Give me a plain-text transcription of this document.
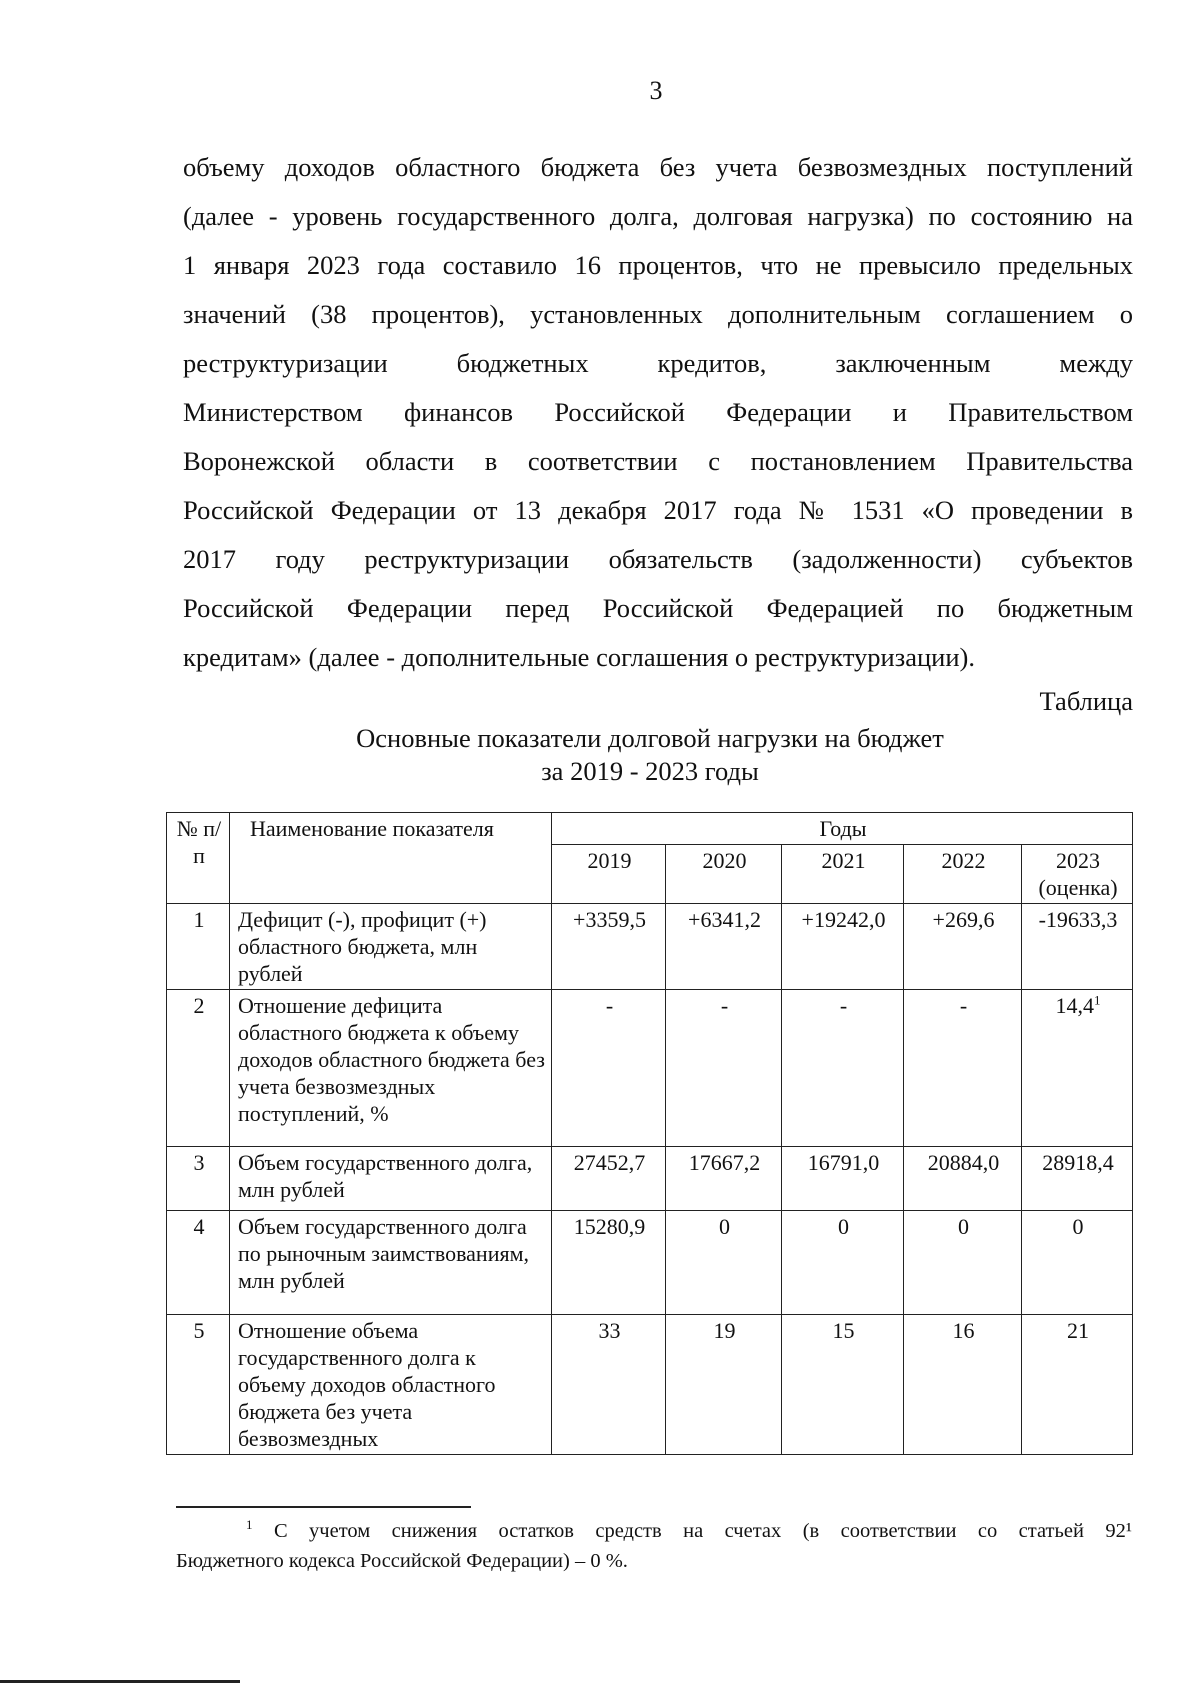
3
объему доходов областного бюджета без учета безвозмездных поступлений
(далее - уровень государственного долга, долговая нагрузка) по состоянию на
1 января 2023 года составило 16 процентов, что не превысило предельных
значений (38 процентов), установленных дополнительным соглашением о
реструктуризации бюджетных кредитов, заключенным между
Министерством финансов Российской Федерации и Правительством
Воронежской области в соответствии с постановлением Правительства
Российской Федерации от 13 декабря 2017 года № 1531 «О проведении в
2017 году реструктуризации обязательств (задолженности) субъектов
Российской Федерации перед Российской Федерацией по бюджетным
кредитам» (далее - дополнительные соглашения о реструктуризации).
Таблица
Основные показатели долговой нагрузки на бюджет
за 2019 - 2023 годы
№ п/п	Наименование показателя	Годы				
		2019	2020	2021	2022	2023 (оценка)
1	Дефицит (-), профицит (+) областного бюджета, млн рублей	+3359,5	+6341,2	+19242,0	+269,6	-19633,3
2	Отношение дефицита областного бюджета к объему доходов областного бюджета без учета безвозмездных поступлений, %	-	-	-	-	14,4$^1$
3	Объем государственного долга, млн рублей	27452,7	17667,2	16791,0	20884,0	28918,4
4	Объем государственного долга по рыночным заимствованиям, млн рублей	15280,9	0	0	0	0
5	Отношение объема государственного долга к объему доходов областного бюджета без учета безвозмездных	33	19	15	16	21
$^1$ С учетом снижения остатков средств на счетах (в соответствии со статьей 92¹
Бюджетного кодекса Российской Федерации) – 0 %.
